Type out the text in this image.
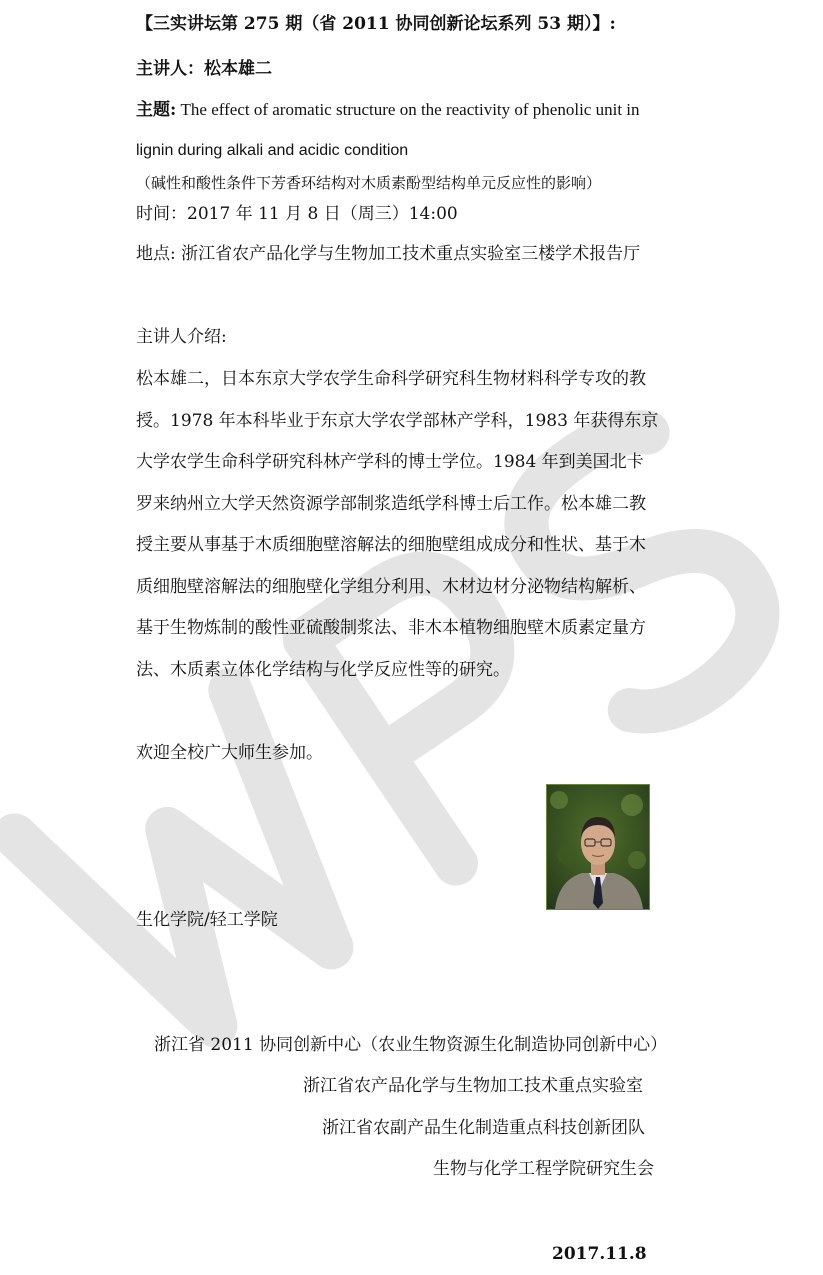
【三实讲坛第 275 期（省 2011 协同创新论坛系列 53 期）】:
主讲人：松本雄二
主题: The effect of aromatic structure on the reactivity of phenolic unit in
lignin during alkali and acidic condition
（碱性和酸性条件下芳香环结构对木质素酚型结构单元反应性的影响）
时间：2017 年 11 月 8 日（周三）14:00
地点: 浙江省农产品化学与生物加工技术重点实验室三楼学术报告厅
主讲人介绍:
松本雄二，日本东京大学农学生命科学研究科生物材料科学专攻的教
授。1978 年本科毕业于东京大学农学部林产学科，1983 年获得东京
大学农学生命科学研究科林产学科的博士学位。1984 年到美国北卡
罗来纳州立大学天然资源学部制浆造纸学科博士后工作。松本雄二教
授主要从事基于木质细胞壁溶解法的细胞壁组成成分和性状、基于木
质细胞壁溶解法的细胞壁化学组分利用、木材边材分泌物结构解析、
基于生物炼制的酸性亚硫酸制浆法、非木本植物细胞壁木质素定量方
法、木质素立体化学结构与化学反应性等的研究。
欢迎全校广大师生参加。
生化学院/轻工学院
浙江省 2011 协同创新中心（农业生物资源生化制造协同创新中心）
浙江省农产品化学与生物加工技术重点实验室
浙江省农副产品生化制造重点科技创新团队
生物与化学工程学院研究生会
2017.11.8
